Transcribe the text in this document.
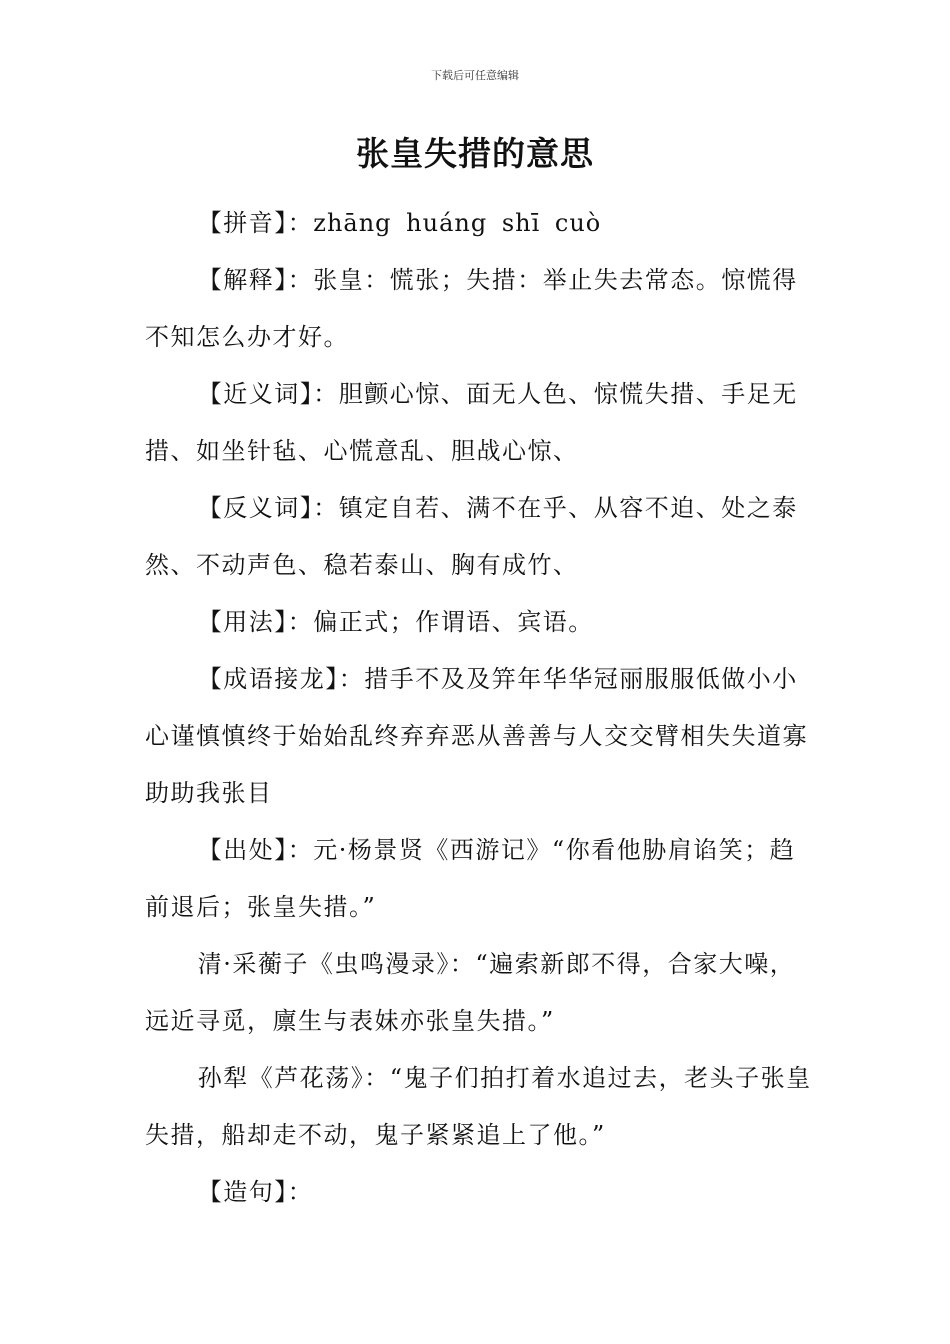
下载后可任意编辑
张皇失措的意思

【拼音】：zhāng huáng shī cuò

【解释】：张皇：慌张；失措：举止失去常态。惊慌得不知怎么办才好。

【近义词】：胆颤心惊、面无人色、惊慌失措、手足无措、如坐针毡、心慌意乱、胆战心惊、

【反义词】：镇定自若、满不在乎、从容不迫、处之泰然、不动声色、稳若泰山、胸有成竹、

【用法】：偏正式；作谓语、宾语。

【成语接龙】：措手不及及笄年华华冠丽服服低做小小心谨慎慎终于始始乱终弃弃恶从善善与人交交臂相失失道寡助助我张目

【出处】：元·杨景贤《西游记》“你看他胁肩谄笑；趋前退后；张皇失措。”

清·采蘅子《虫鸣漫录》：“遍索新郎不得，合家大噪，远近寻觅，廪生与表妹亦张皇失措。”

孙犁《芦花荡》：“鬼子们拍打着水追过去，老头子张皇失措，船却走不动，鬼子紧紧追上了他。”

【造句】：
